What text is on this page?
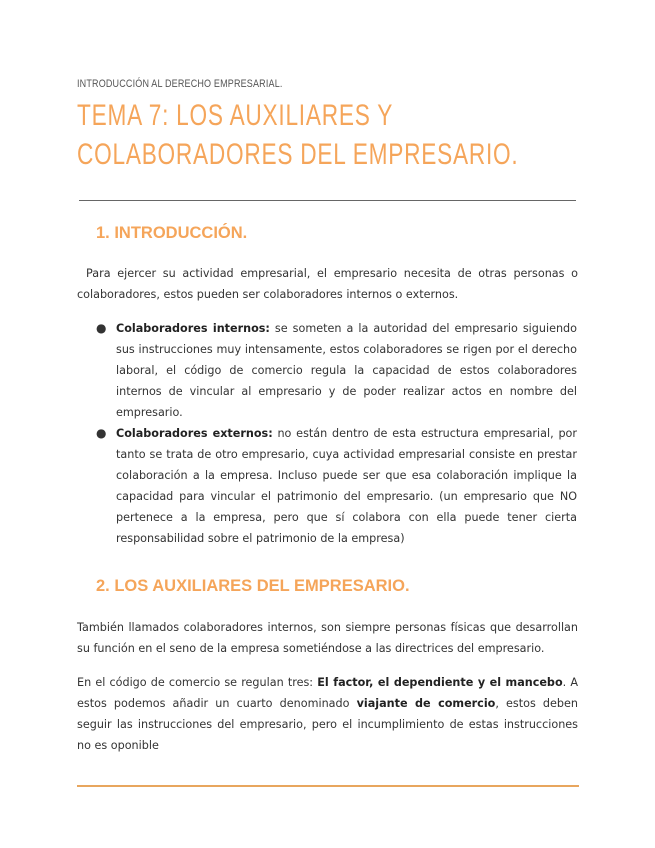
INTRODUCCIÓN AL DERECHO EMPRESARIAL.
TEMA 7: LOS AUXILIARES Y COLABORADORES DEL EMPRESARIO.
1. INTRODUCCIÓN.

Para ejercer su actividad empresarial, el empresario necesita de otras personas o colaboradores, estos pueden ser colaboradores internos o externos.

● Colaboradores internos: se someten a la autoridad del empresario siguiendo sus instrucciones muy intensamente, estos colaboradores se rigen por el derecho laboral, el código de comercio regula la capacidad de estos colaboradores internos de vincular al empresario y de poder realizar actos en nombre del empresario.
● Colaboradores externos: no están dentro de esta estructura empresarial, por tanto se trata de otro empresario, cuya actividad empresarial consiste en prestar colaboración a la empresa. Incluso puede ser que esa colaboración implique la capacidad para vincular el patrimonio del empresario. (un empresario que NO pertenece a la empresa, pero que sí colabora con ella puede tener cierta responsabilidad sobre el patrimonio de la empresa)
2. LOS AUXILIARES DEL EMPRESARIO.

También llamados colaboradores internos, son siempre personas físicas que desarrollan su función en el seno de la empresa sometiéndose a las directrices del empresario.

En el código de comercio se regulan tres: El factor, el dependiente y el mancebo. A estos podemos añadir un cuarto denominado viajante de comercio, estos deben seguir las instrucciones del empresario, pero el incumplimiento de estas instrucciones no es oponible
